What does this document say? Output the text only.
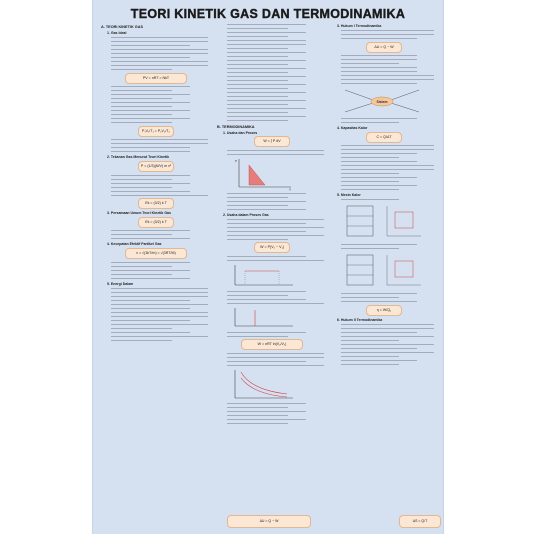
TEORI KINETIK GAS DAN TERMODINAMIKA
A. TEORI KINETIK GAS
1. Gas Ideal
PV = nRT = NkT
P₁V₁/T₁ = P₂V₂/T₂
2. Tekanan Gas Menurut Teori Kinetik
P = (1/3)(N/V) m v²
Ek = (3/2) k T
3. Persamaan Umum Teori Kinetik Gas
Ek = (3/2) k T
4. Kecepatan Efektif Partikel Gas
v = √(3kT/m) = √(3RT/M)
5. Energi Dalam
B. TERMODINAMIKA
1. Usaha dan Proses
W = ∫ P dV
P
V
2. Usaha dalam Proses Gas
W = P(V₂ − V₁)
W = nRT ln(V₂/V₁)
ΔU = Q − W
3. Hukum I Termodinamika
ΔU = Q − W
Sistem
4. Kapasitas Kalor
C = Q/ΔT
5. Mesin Kalor
η = W/Q₁
6. Hukum II Termodinamika
ΔS = Q/T
